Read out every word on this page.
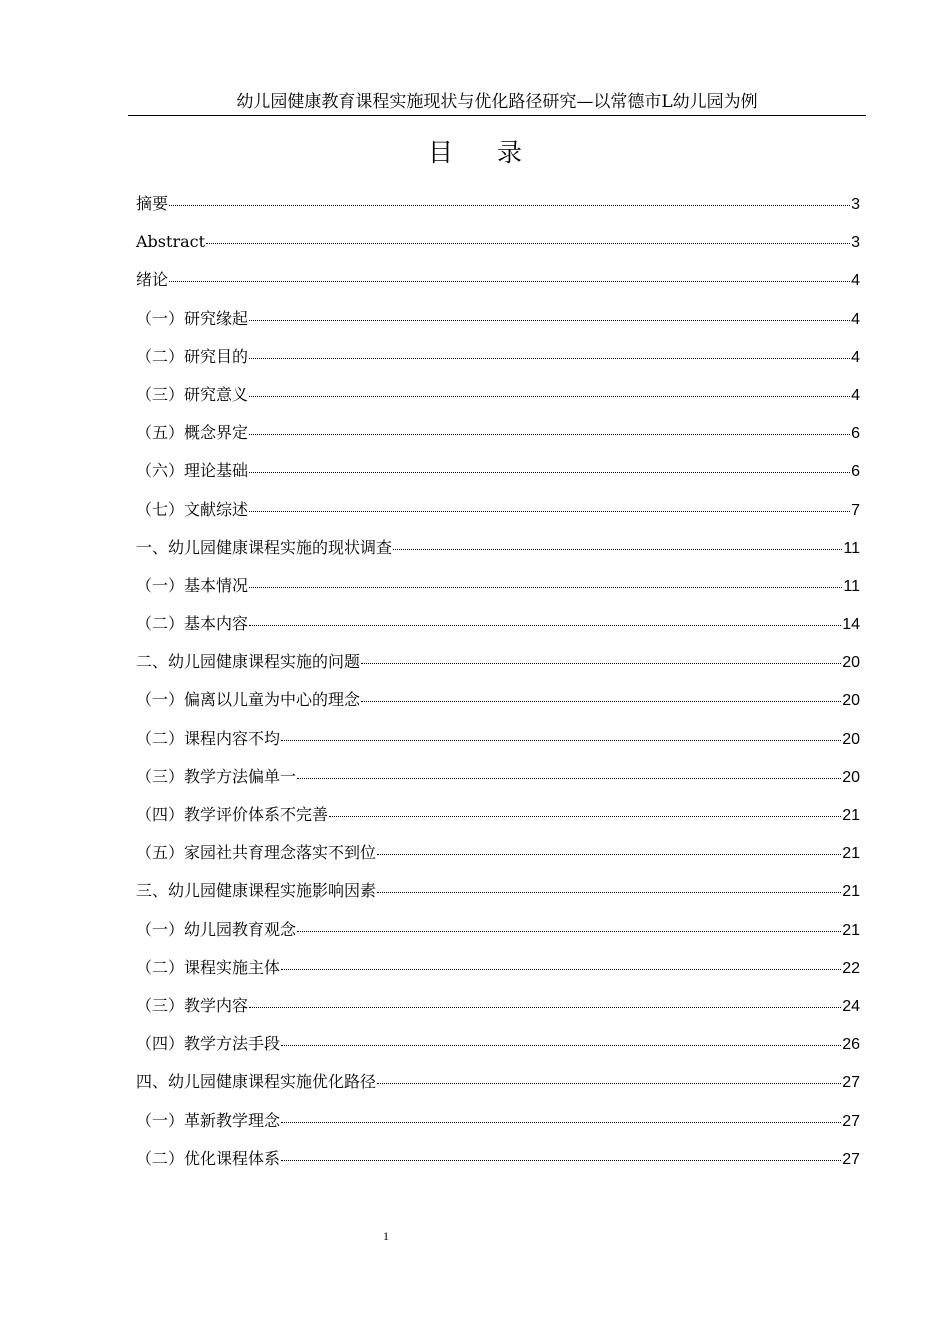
幼儿园健康教育课程实施现状与优化路径研究—以常德市L幼儿园为例
目录
摘要	3
Abstract	3
绪论	4
（一）研究缘起	4
（二）研究目的	4
（三）研究意义	4
（五）概念界定	6
（六）理论基础	6
（七）文献综述	7
一、幼儿园健康课程实施的现状调查	11
（一）基本情况	11
（二）基本内容	14
二、幼儿园健康课程实施的问题	20
（一）偏离以儿童为中心的理念	20
（二）课程内容不均	20
（三）教学方法偏单一	20
（四）教学评价体系不完善	21
（五）家园社共育理念落实不到位	21
三、幼儿园健康课程实施影响因素	21
（一）幼儿园教育观念	21
（二）课程实施主体	22
（三）教学内容	24
（四）教学方法手段	26
四、幼儿园健康课程实施优化路径	27
（一）革新教学理念	27
（二）优化课程体系	27
1
